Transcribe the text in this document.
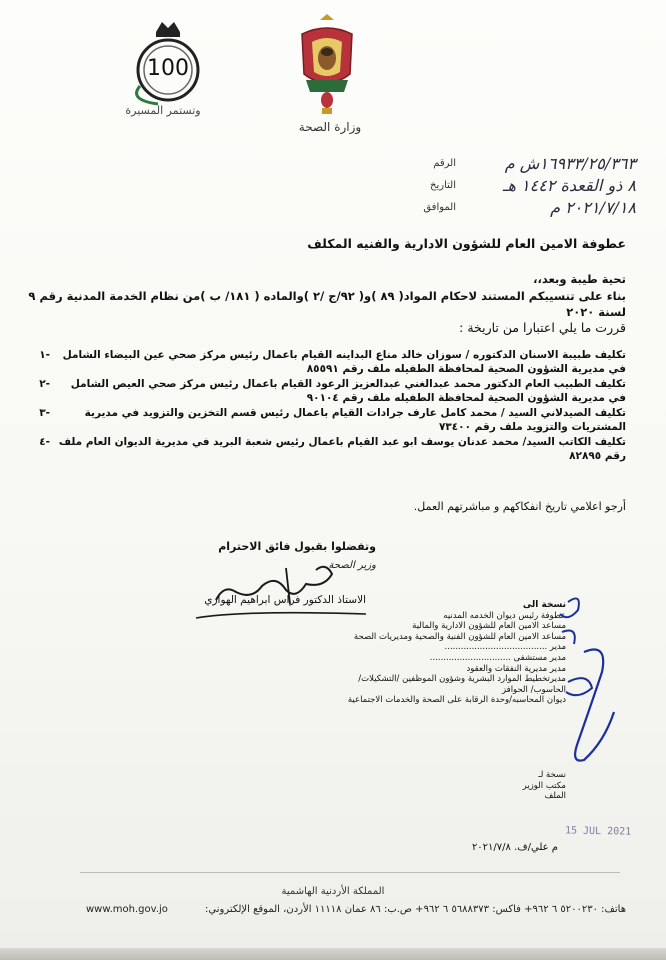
100
وتستمر المسيرة
وزارة الصحة
الرقم	١٦٩٣٣/٢٥/٣٦٣ش م
التاريخ	٨ ذو القعدة ١٤٤٢ هـ
الموافق	٢٠٢١/٧/١٨ م
عطوفة الامين العام للشؤون الادارية والفنيه المكلف
تحية طيبة وبعد،،
بناء على تنسيبكم المستند لاحكام المواد( ٨٩ )و( ٩٢/ج /٢ )والماده ( ١٨١/ ب )من نظام الخدمة المدنية رقم ٩ لسنة ٢٠٢٠
قررت ما يلي اعتبارا من تاريخة :
-١	تكليف طبيبة الاسنان الدكتوره / سوزان خالد مناع البداينه القيام باعمال رئيس مركز صحي عين البيضاء الشامل في مديرية الشؤون الصحية لمحافظة الطفيله ملف رقم ٨٥٥٩١
-٢	تكليف الطبيب العام الدكتور محمد عبدالغني عبدالعزيز الرعود القيام باعمال رئيس مركز صحي العيص الشامل في مديرية الشؤون الصحية لمحافظة الطفيله ملف رقم ٩٠١٠٤
-٣	تكليف الصيدلاني السيد / محمد كامل عارف جرادات القيام باعمال رئيس قسم التخزين والتزويد في مديرية المشتريات والتزويد ملف رقم ٧٣٤٠٠
-٤ تكليف الكاتب السيد/ محمد عدنان يوسف ابو عبد القيام باعمال رئيس شعبة البريد في مديرية الديوان العام ملف رقم ٨٢٨٩٥
أرجو اعلامي تاريخ انفكاكهم و مباشرتهم العمل.
وتفضلوا بقبول فائق الاحترام
وزير الصحة
الاستاذ الدكتور فراس ابراهيم الهواري	نسخة الى
عطوفة رئيس ديوان الخدمه المدنيه
مساعد الامين العام للشؤون الادارية والمالية
مساعد الامين العام للشؤون الفنية والصحية ومديريات الصحة
مدير ......................................
مدير مستشفى ..............................
مدير مديرية النفقات والعقود
مديرتخطيط الموارد البشرية وشؤون الموظفين /التشكيلات/الحاسوب/ الحوافز
ديوان المحاسبه/وحدة الرقابة على الصحة والخدمات الاجتماعية
نسخة لـ
مكتب الوزير
الملف
15 JUL 2021
م علي/ف. ٢٠٢١/٧/٨
المملكة الأردنية الهاشمية
هاتف: ٥٢٠٠٢٣٠ ٦ ٩٦٢+ فاكس: ٥٦٨٨٣٧٣ ٦ ٩٦٢+ ص.ب: ٨٦ عمان ١١١١٨ الأردن، الموقع الإلكتروني:
www.moh.gov.jo
